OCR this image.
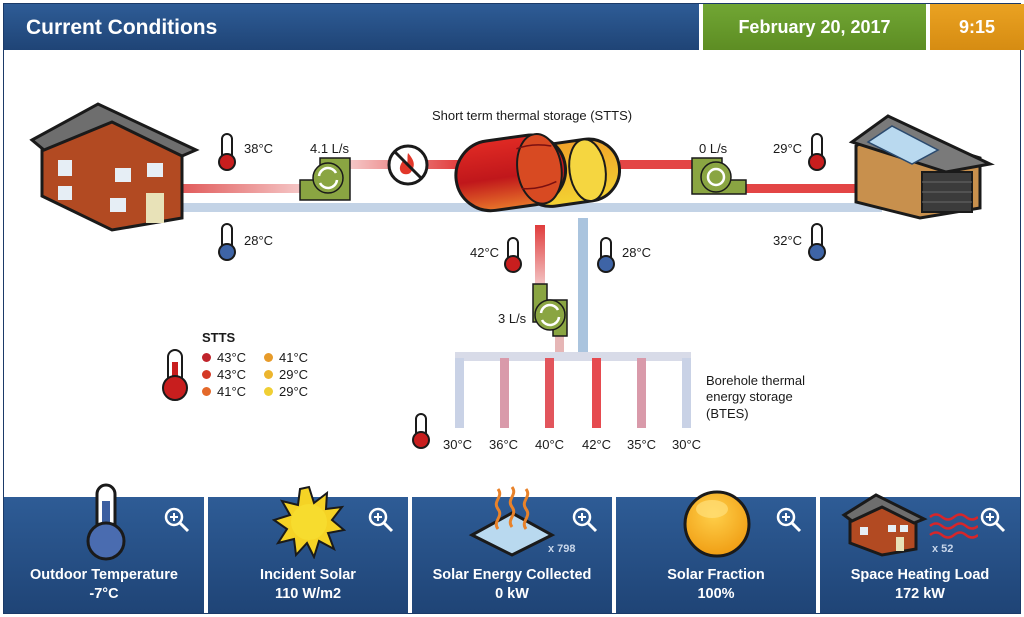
Current Conditions	February 20, 2017	9:15
Short term thermal storage (STTS)
38°C	4.1 L/s
28°C
0 L/s	29°C
32°C
42°C	28°C
3 L/s
Borehole thermal
energy storage
(BTES)
30°C 36°C 40°C 42°C 35°C 30°C
STTS
43°C
43°C
41°C
41°C
29°C
29°C
Outdoor Temperature
-7°C
Incident Solar
110 W/m2
x 798
Solar Energy Collected
0 kW
Solar Fraction
100%
x 52
Space Heating Load
172 kW
